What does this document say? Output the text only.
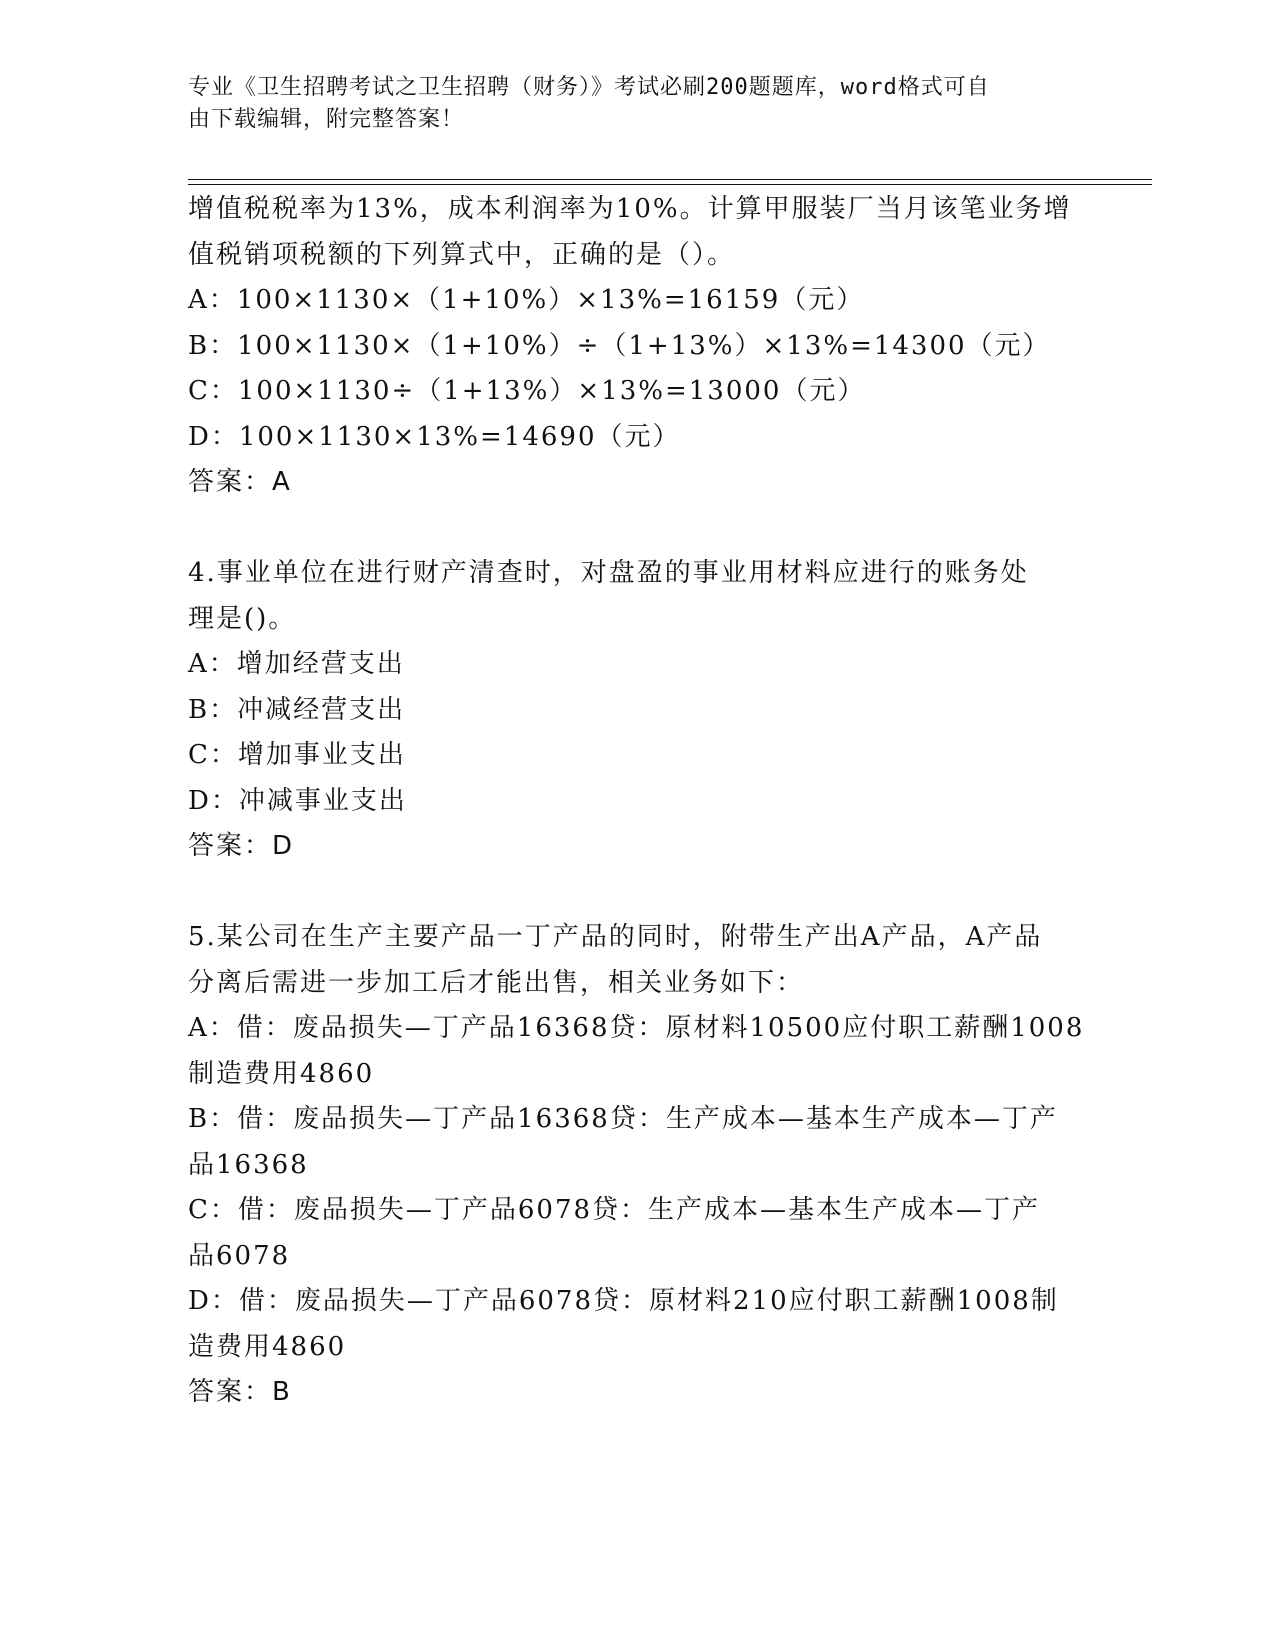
专业《卫生招聘考试之卫生招聘（财务）》考试必刷200题题库，word格式可自
由下载编辑，附完整答案！
增值税税率为13%，成本利润率为10%。计算甲服装厂当月该笔业务增
值税销项税额的下列算式中，正确的是（）。
A：100×1130×（1+10%）×13%=16159（元）
B：100×1130×（1+10%）÷（1+13%）×13%=14300（元）
C：100×1130÷（1+13%）×13%=13000（元）
D：100×1130×13%=14690（元）
答案：A
4.事业单位在进行财产清查时，对盘盈的事业用材料应进行的账务处
理是()。
A：增加经营支出
B：冲减经营支出
C：增加事业支出
D：冲减事业支出
答案：D
5.某公司在生产主要产品一丁产品的同时，附带生产出A产品，A产品
分离后需进一步加工后才能出售，相关业务如下：
A：借：废品损失—丁产品16368贷：原材料10500应付职工薪酬1008
制造费用4860
B：借：废品损失—丁产品16368贷：生产成本—基本生产成本—丁产
品16368
C：借：废品损失—丁产品6078贷：生产成本—基本生产成本—丁产
品6078
D：借：废品损失—丁产品6078贷：原材料210应付职工薪酬1008制
造费用4860
答案：B
